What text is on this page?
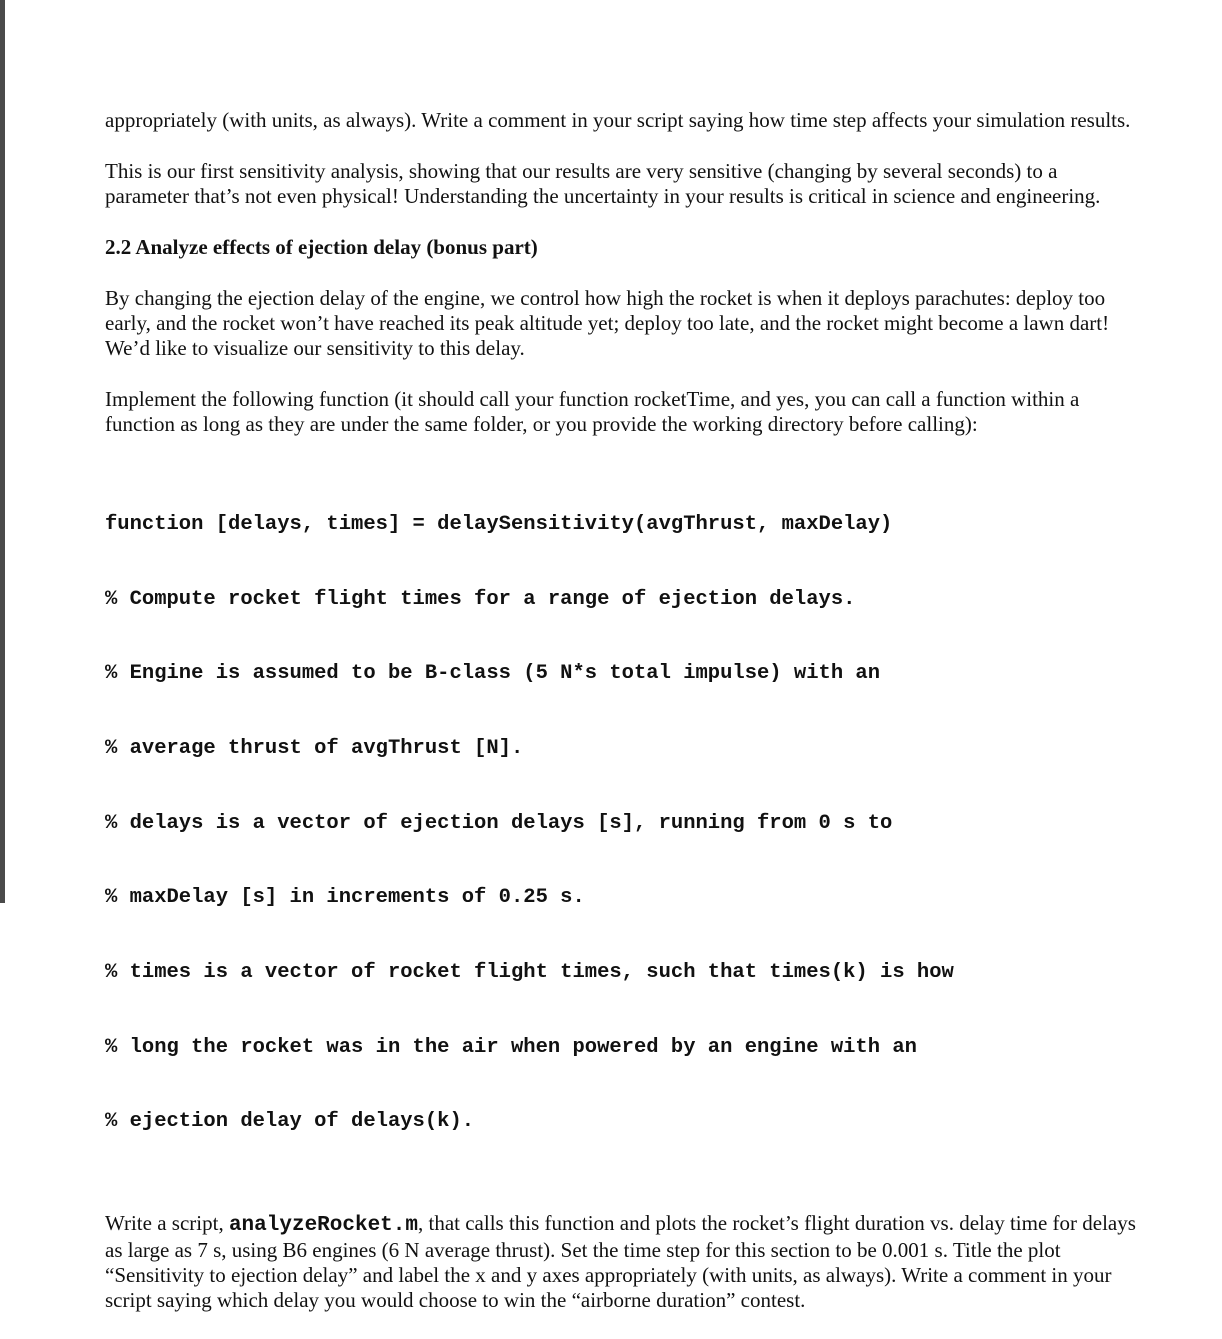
appropriately (with units, as always). Write a comment in your script saying how time step affects your simulation results.

This is our first sensitivity analysis, showing that our results are very sensitive (changing by several seconds) to a parameter that’s not even physical! Understanding the uncertainty in your results is critical in science and engineering.

2.2 Analyze effects of ejection delay (bonus part)

By changing the ejection delay of the engine, we control how high the rocket is when it deploys parachutes: deploy too early, and the rocket won’t have reached its peak altitude yet; deploy too late, and the rocket might become a lawn dart! We’d like to visualize our sensitivity to this delay.

Implement the following function (it should call your function rocketTime, and yes, you can call a function within a function as long as they are under the same folder, or you provide the working directory before calling):

function [delays, times] = delaySensitivity(avgThrust, maxDelay)

% Compute rocket flight times for a range of ejection delays.

% Engine is assumed to be B-class (5 N*s total impulse) with an

% average thrust of avgThrust [N].

% delays is a vector of ejection delays [s], running from 0 s to

% maxDelay [s] in increments of 0.25 s.

% times is a vector of rocket flight times, such that times(k) is how

% long the rocket was in the air when powered by an engine with an

% ejection delay of delays(k).

Write a script, analyzeRocket.m, that calls this function and plots the rocket’s flight duration vs. delay time for delays as large as 7 s, using B6 engines (6 N average thrust). Set the time step for this section to be 0.001 s. Title the plot “Sensitivity to ejection delay” and label the x and y axes appropriately (with units, as always). Write a comment in your script saying which delay you would choose to win the “airborne duration” contest.
